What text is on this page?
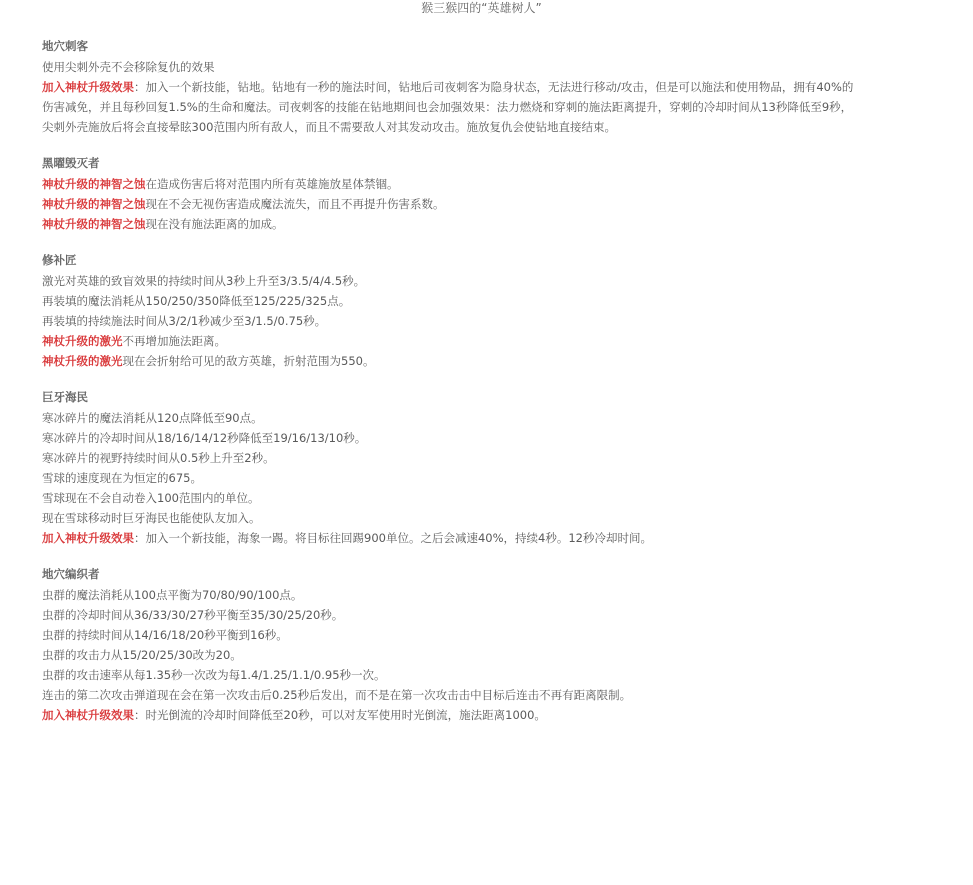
猴三猴四的“英雄树人”
地穴刺客
使用尖刺外壳不会移除复仇的效果
加入神杖升级效果：加入一个新技能，钻地。钻地有一秒的施法时间，钻地后司夜刺客为隐身状态，无法进行移动/攻击，但是可以施法和使用物品，拥有40%的伤害减免，并且每秒回复1.5%的生命和魔法。司夜刺客的技能在钻地期间也会加强效果：法力燃烧和穿刺的施法距离提升，穿刺的冷却时间从13秒降低至9秒，尖刺外壳施放后将会直接晕眩300范围内所有敌人，而且不需要敌人对其发动攻击。施放复仇会使钻地直接结束。
黑曜毁灭者
神杖升级的神智之蚀在造成伤害后将对范围内所有英雄施放星体禁锢。
神杖升级的神智之蚀现在不会无视伤害造成魔法流失，而且不再提升伤害系数。
神杖升级的神智之蚀现在没有施法距离的加成。
修补匠
激光对英雄的致盲效果的持续时间从3秒上升至3/3.5/4/4.5秒。
再装填的魔法消耗从150/250/350降低至125/225/325点。
再装填的持续施法时间从3/2/1秒减少至3/1.5/0.75秒。
神杖升级的激光不再增加施法距离。
神杖升级的激光现在会折射给可见的敌方英雄，折射范围为550。
巨牙海民
寒冰碎片的魔法消耗从120点降低至90点。
寒冰碎片的冷却时间从18/16/14/12秒降低至19/16/13/10秒。
寒冰碎片的视野持续时间从0.5秒上升至2秒。
雪球的速度现在为恒定的675。
雪球现在不会自动卷入100范围内的单位。
现在雪球移动时巨牙海民也能使队友加入。
加入神杖升级效果：加入一个新技能，海象一踢。将目标往回踢900单位。之后会减速40%，持续4秒。12秒冷却时间。
地穴编织者
虫群的魔法消耗从100点平衡为70/80/90/100点。
虫群的冷却时间从36/33/30/27秒平衡至35/30/25/20秒。
虫群的持续时间从14/16/18/20秒平衡到16秒。
虫群的攻击力从15/20/25/30改为20。
虫群的攻击速率从每1.35秒一次改为每1.4/1.25/1.1/0.95秒一次。
连击的第二次攻击弹道现在会在第一次攻击后0.25秒后发出，而不是在第一次攻击击中目标后连击不再有距离限制。
加入神杖升级效果：时光倒流的冷却时间降低至20秒，可以对友军使用时光倒流，施法距离1000。
